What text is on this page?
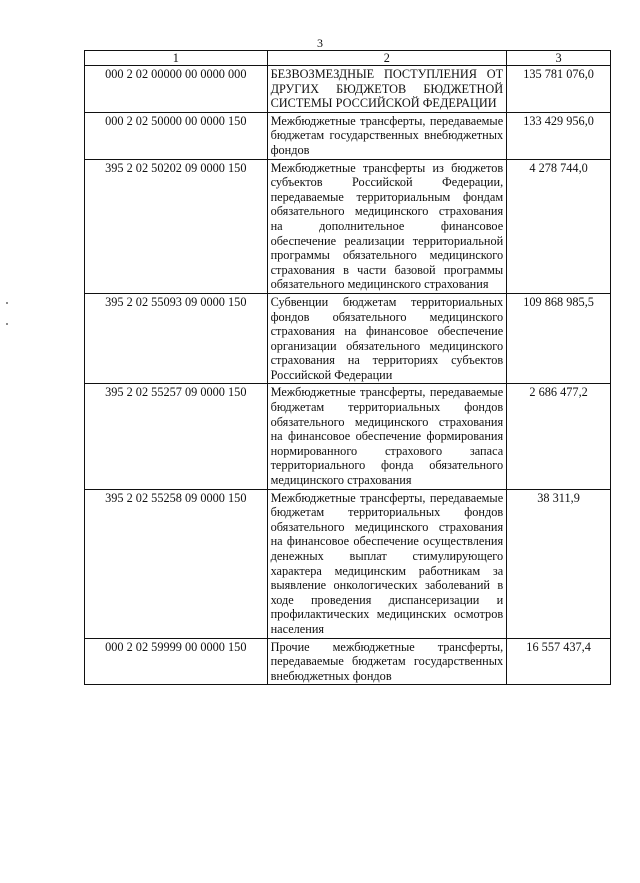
3
1	2	3
000 2 02 00000 00 0000 000	БЕЗВОЗМЕЗДНЫЕ ПОСТУПЛЕНИЯ ОТ ДРУГИХ БЮДЖЕТОВ БЮДЖЕТНОЙ СИСТЕМЫ РОССИЙСКОЙ ФЕДЕРАЦИИ	135 781 076,0
000 2 02 50000 00 0000 150	Межбюджетные трансферты, передаваемые бюджетам государственных внебюджетных фондов	133 429 956,0
395 2 02 50202 09 0000 150	Межбюджетные трансферты из бюджетов субъектов Российской Федерации, передаваемые территориальным фондам обязательного медицинского страхования на дополнительное финансовое обеспечение реализации территориальной программы обязательного медицинского страхования в части базовой программы обязательного медицинского страхования	4 278 744,0
395 2 02 55093 09 0000 150	Субвенции бюджетам территориальных фондов обязательного медицинского страхования на финансовое обеспечение организации обязательного медицинского страхования на территориях субъектов Российской Федерации	109 868 985,5
395 2 02 55257 09 0000 150	Межбюджетные трансферты, передаваемые бюджетам территориальных фондов обязательного медицинского страхования на финансовое обеспечение формирования нормированного страхового запаса территориального фонда обязательного медицинского страхования	2 686 477,2
395 2 02 55258 09 0000 150	Межбюджетные трансферты, передаваемые бюджетам территориальных фондов обязательного медицинского страхования на финансовое обеспечение осуществления денежных выплат стимулирующего характера медицинским работникам за выявление онкологических заболеваний в ходе проведения диспансеризации и профилактических медицинских осмотров населения	38 311,9
000 2 02 59999 00 0000 150	Прочие межбюджетные трансферты, передаваемые бюджетам государственных внебюджетных фондов	16 557 437,4
